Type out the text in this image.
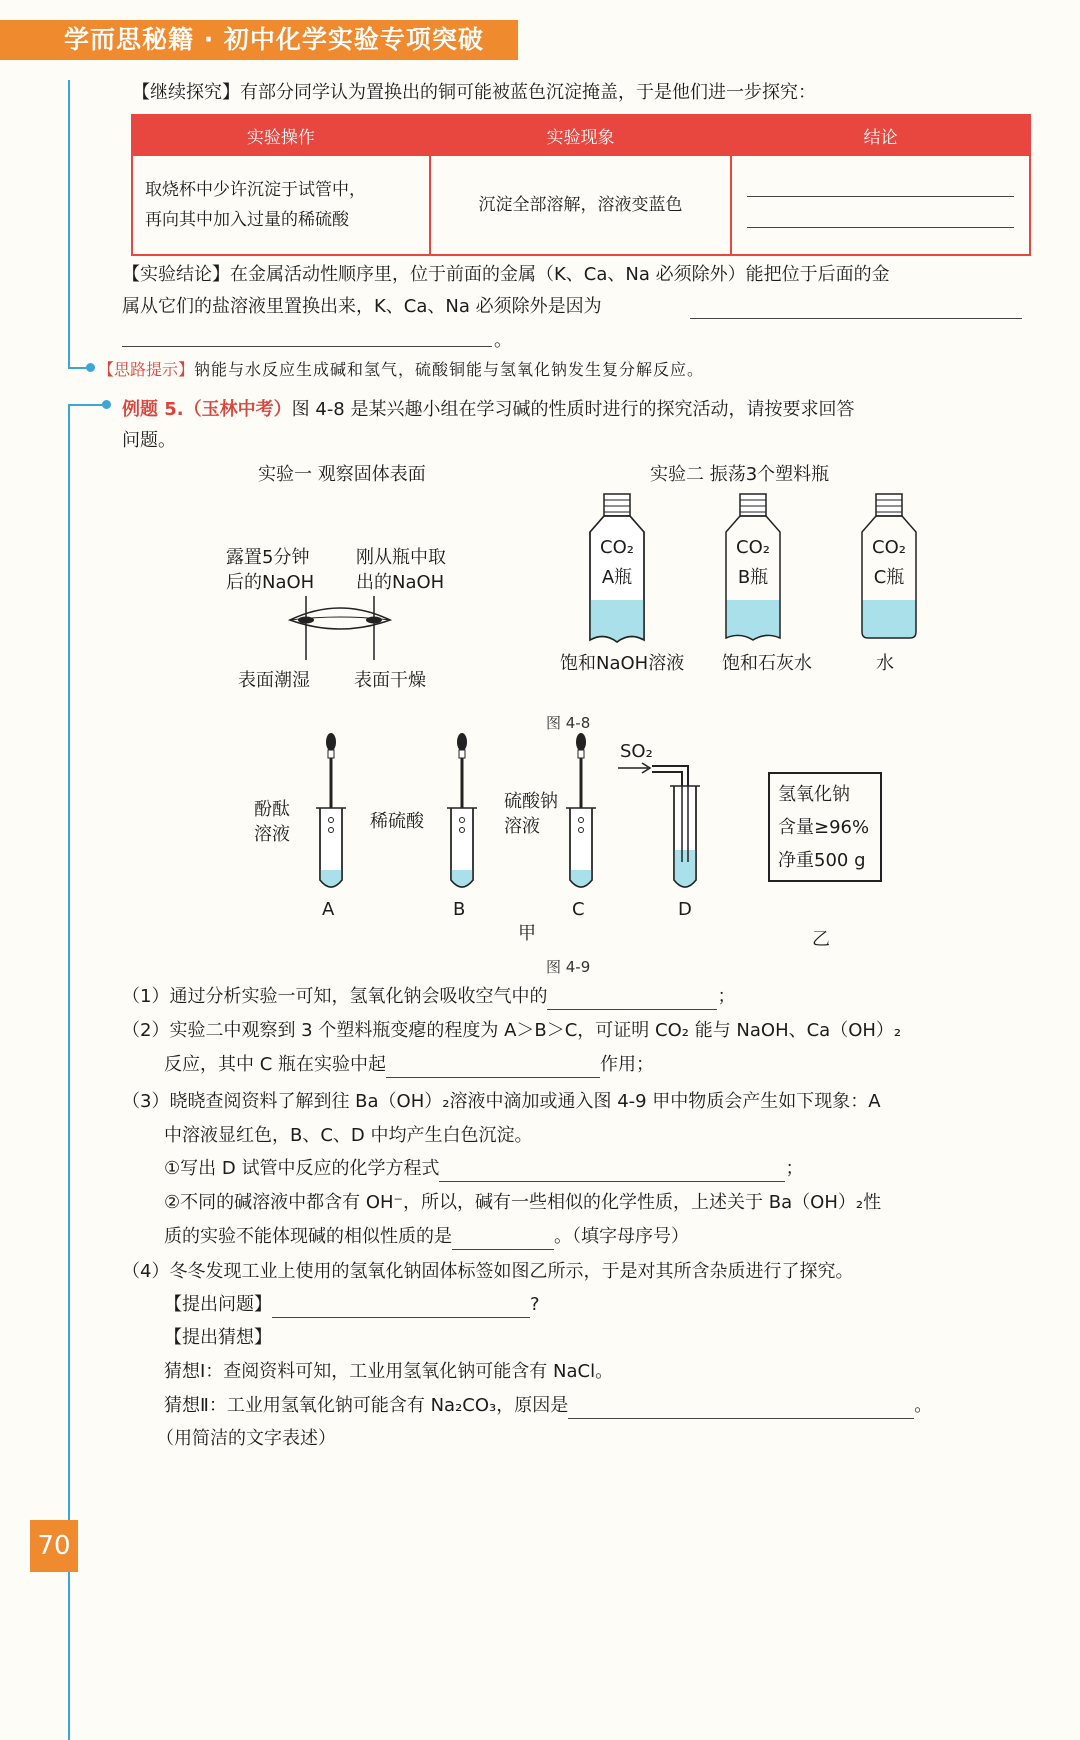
学而思秘籍 · 初中化学实验专项突破
【继续探究】有部分同学认为置换出的铜可能被蓝色沉淀掩盖，于是他们进一步探究：
实验操作	实验现象	结论

取烧杯中少许沉淀于试管中，
再向其中加入过量的稀硫酸	沉淀全部溶解，溶液变蓝色	
【实验结论】在金属活动性顺序里，位于前面的金属（K、Ca、Na 必须除外）能把位于后面的金
属从它们的盐溶液里置换出来，K、Ca、Na 必须除外是因为
。
【思路提示】钠能与水反应生成碱和氢气，硫酸铜能与氢氧化钠发生复分解反应。
例题 5.（玉林中考）图 4-8 是某兴趣小组在学习碱的性质时进行的探究活动，请按要求回答
问题。
实验一 观察固体表面
露置5分钟
后的NaOH
刚从瓶中取
出的NaOH
表面潮湿 表面干燥
实验二 振荡3个塑料瓶
CO₂
A瓶
CO₂
B瓶
CO₂
C瓶
饱和NaOH溶液 饱和石灰水	水
图 4-8
酚酞
溶液
稀硫酸
硫酸钠
溶液
SO₂
A	B	C	D
氢氧化钠
含量≥96%
净重500 g
甲	乙
图 4-9
（1）通过分析实验一可知，氢氧化钠会吸收空气中的	；
（2）实验二中观察到 3 个塑料瓶变瘪的程度为 A＞B＞C，可证明 CO₂ 能与 NaOH、Ca（OH）₂
反应，其中 C 瓶在实验中起	作用；
（3）晓晓查阅资料了解到往 Ba（OH）₂溶液中滴加或通入图 4-9 甲中物质会产生如下现象：A
中溶液显红色，B、C、D 中均产生白色沉淀。
①写出 D 试管中反应的化学方程式	；
②不同的碱溶液中都含有 OH⁻，所以，碱有一些相似的化学性质，上述关于 Ba（OH）₂性
质的实验不能体现碱的相似性质的是	。（填字母序号）
（4）冬冬发现工业上使用的氢氧化钠固体标签如图乙所示，于是对其所含杂质进行了探究。
【提出问题】	?
【提出猜想】
猜想Ⅰ：查阅资料可知，工业用氢氧化钠可能含有 NaCl。
猜想Ⅱ：工业用氢氧化钠可能含有 Na₂CO₃，原因是	。
（用简洁的文字表述）
70
